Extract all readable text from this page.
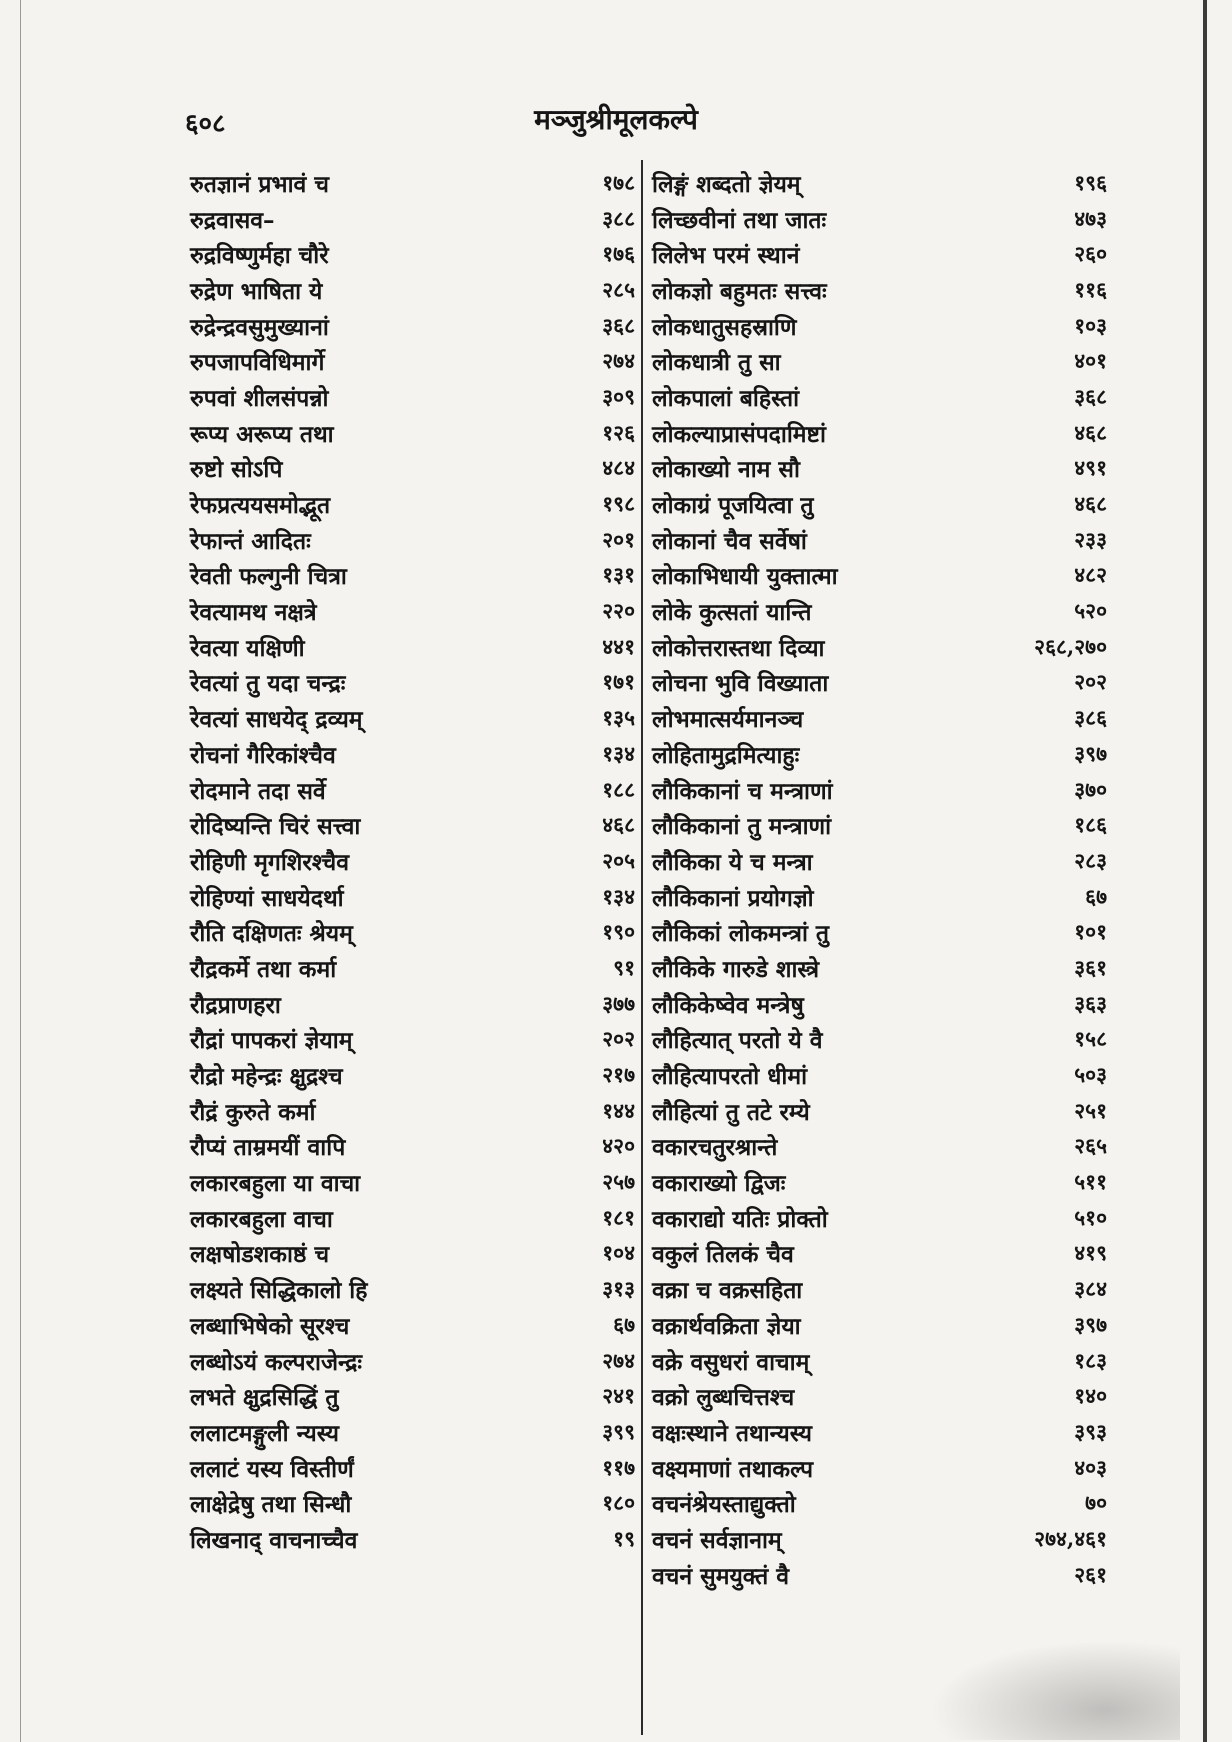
६०८	मञ्जुश्रीमूलकल्पे
रुतज्ञानं प्रभावं च	१७८
रुद्रवासव–	३८८
रुद्रविष्णुर्महा चौरे	१७६
रुद्रेण भाषिता ये	२८५
रुद्रेन्द्रवसुमुख्यानां	३६८
रुपजापविधिमार्गे	२७४
रुपवां शीलसंपन्नो	३०९
रूप्य अरूप्य तथा	१२६
रुष्टो सोऽपि	४८४
रेफप्रत्ययसमोद्भूत	१९८
रेफान्तं आदितः	२०१
रेवती फल्गुनी चित्रा	१३१
रेवत्यामथ नक्षत्रे	२२०
रेवत्या यक्षिणी	४४१
रेवत्यां तु यदा चन्द्रः	१७१
रेवत्यां साधयेद् द्रव्यम्	१३५
रोचनां गैरिकांश्चैव	१३४
रोदमाने तदा सर्वे	१८८
रोदिष्यन्ति चिरं सत्त्वा	४६८
रोहिणी मृगशिरश्चैव	२०५
रोहिण्यां साधयेदर्था	१३४
रौति दक्षिणतः श्रेयम्	१९०
रौद्रकर्मे तथा कर्मा	९१
रौद्रप्राणहरा	३७७
रौद्रां पापकरां ज्ञेयाम्	२०२
रौद्रो महेन्द्रः क्षुद्रश्च	२१७
रौद्रं कुरुते कर्मा	१४४
रौप्यं ताम्रमयीं वापि	४२०
लकारबहुला या वाचा	२५७
लकारबहुला वाचा	१८१
लक्षषोडशकाष्ठं च	१०४
लक्ष्यते सिद्धिकालो हि	३१३
लब्धाभिषेको सूरश्च	६७
लब्धोऽयं कल्पराजेन्द्रः	२७४
लभते क्षुद्रसिद्धिं तु	२४१
ललाटमङ्गुली न्यस्य	३९९
ललाटं यस्य विस्तीर्णं	११७
लाक्षेद्रेषु तथा सिन्धौ	१८०
लिखनाद् वाचनाच्चैव	१९
लिङ्गं शब्दतो ज्ञेयम्	१९६
लिच्छवीनां तथा जातः	४७३
लिलेभ परमं स्थानं	२६०
लोकज्ञो बहुमतः सत्त्वः	११६
लोकधातुसहस्राणि	१०३
लोकधात्री तु सा	४०१
लोकपालां बहिस्तां	३६८
लोकल्याप्रासंपदामिष्टां	४६८
लोकाख्यो नाम सौ	४९१
लोकाग्रं पूजयित्वा तु	४६८
लोकानां चैव सर्वेषां	२३३
लोकाभिधायी युक्तात्मा	४८२
लोके कुत्सतां यान्ति	५२०
लोकोत्तरास्तथा दिव्या	२६८,२७०
लोचना भुवि विख्याता	२०२
लोभमात्सर्यमानञ्च	३८६
लोहितामुद्रमित्याहुः	३९७
लौकिकानां च मन्त्राणां	३७०
लौकिकानां तु मन्त्राणां	१८६
लौकिका ये च मन्त्रा	२८३
लौकिकानां प्रयोगज्ञो	६७
लौकिकां लोकमन्त्रां तु	१०१
लौकिके गारुडे शास्त्रे	३६१
लौकिकेष्वेव मन्त्रेषु	३६३
लौहित्यात् परतो ये वै	१५८
लौहित्यापरतो धीमां	५०३
लौहित्यां तु तटे रम्ये	२५१
वकारचतुरश्रान्ते	२६५
वकाराख्यो द्विजः	५११
वकाराद्यो यतिः प्रोक्तो	५१०
वकुलं तिलकं चैव	४१९
वक्रा च वक्रसहिता	३८४
वक्रार्थवक्रिता ज्ञेया	३९७
वक्रे वसुधरां वाचाम्	१८३
वक्रो लुब्धचित्तश्च	१४०
वक्षःस्थाने तथान्यस्य	३९३
वक्ष्यमाणां तथाकल्प	४०३
वचनंश्रेयस्ताद्युक्तो	७०
वचनं सर्वज्ञानाम्	२७४,४६१
वचनं सुमयुक्तं वै	२६१
